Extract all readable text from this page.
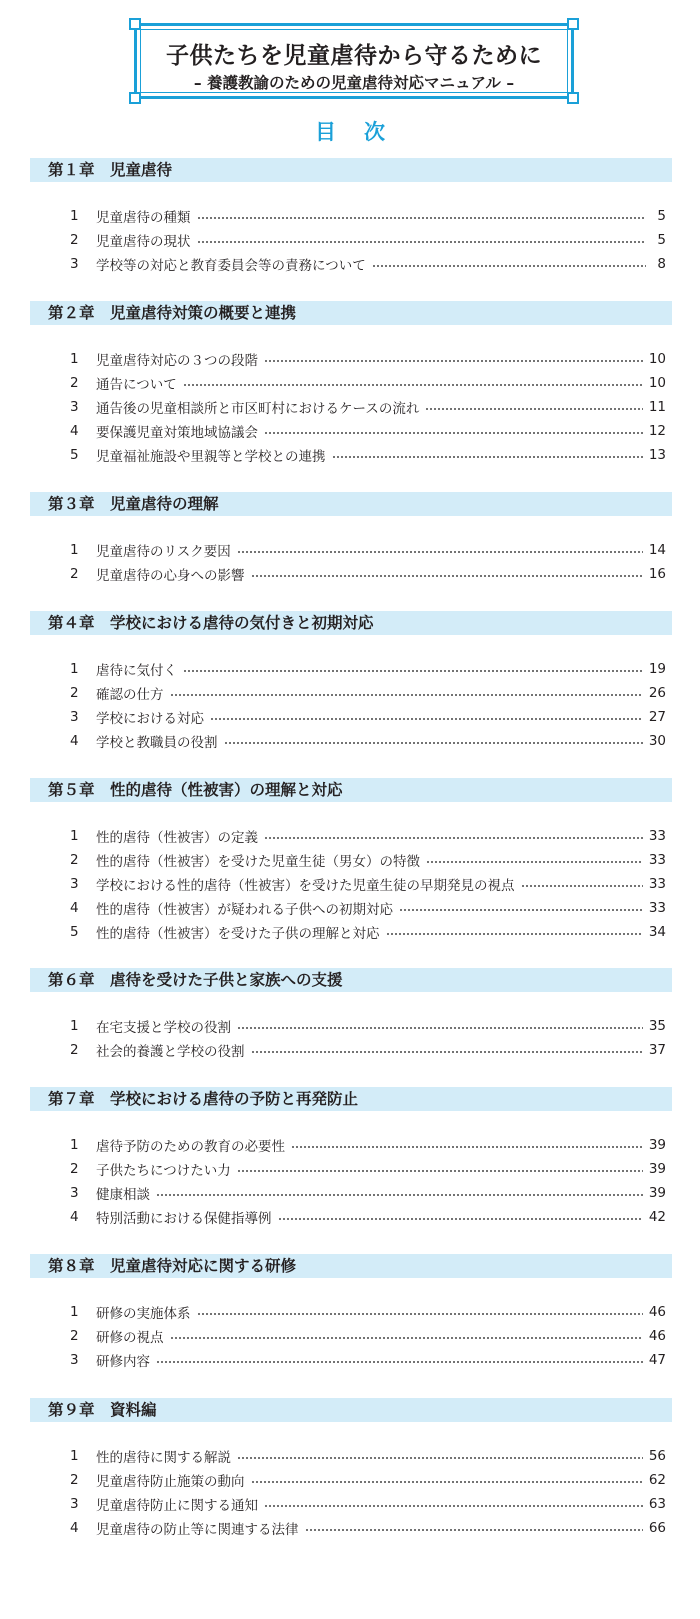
子供たちを児童虐待から守るために
– 養護教諭のための児童虐待対応マニュアル –
目次
第１章　児童虐待
1	児童虐待の種類	5
2	児童虐待の現状	5
3	学校等の対応と教育委員会等の責務について	8
第２章　児童虐待対策の概要と連携
1	児童虐待対応の３つの段階	10
2	通告について	10
3	通告後の児童相談所と市区町村におけるケースの流れ	11
4	要保護児童対策地域協議会	12
5	児童福祉施設や里親等と学校との連携	13
第３章　児童虐待の理解
1	児童虐待のリスク要因	14
2	児童虐待の心身への影響	16
第４章　学校における虐待の気付きと初期対応
1	虐待に気付く	19
2	確認の仕方	26
3	学校における対応	27
4	学校と教職員の役割	30
第５章　性的虐待（性被害）の理解と対応
1	性的虐待（性被害）の定義	33
2	性的虐待（性被害）を受けた児童生徒（男女）の特徴	33
3	学校における性的虐待（性被害）を受けた児童生徒の早期発見の視点	33
4	性的虐待（性被害）が疑われる子供への初期対応	33
5	性的虐待（性被害）を受けた子供の理解と対応	34
第６章　虐待を受けた子供と家族への支援
1	在宅支援と学校の役割	35
2	社会的養護と学校の役割	37
第７章　学校における虐待の予防と再発防止
1	虐待予防のための教育の必要性	39
2	子供たちにつけたい力	39
3	健康相談	39
4	特別活動における保健指導例	42
第８章　児童虐待対応に関する研修
1	研修の実施体系	46
2	研修の視点	46
3	研修内容	47
第９章　資料編
1	性的虐待に関する解説	56
2	児童虐待防止施策の動向	62
3	児童虐待防止に関する通知	63
4	児童虐待の防止等に関連する法律	66
